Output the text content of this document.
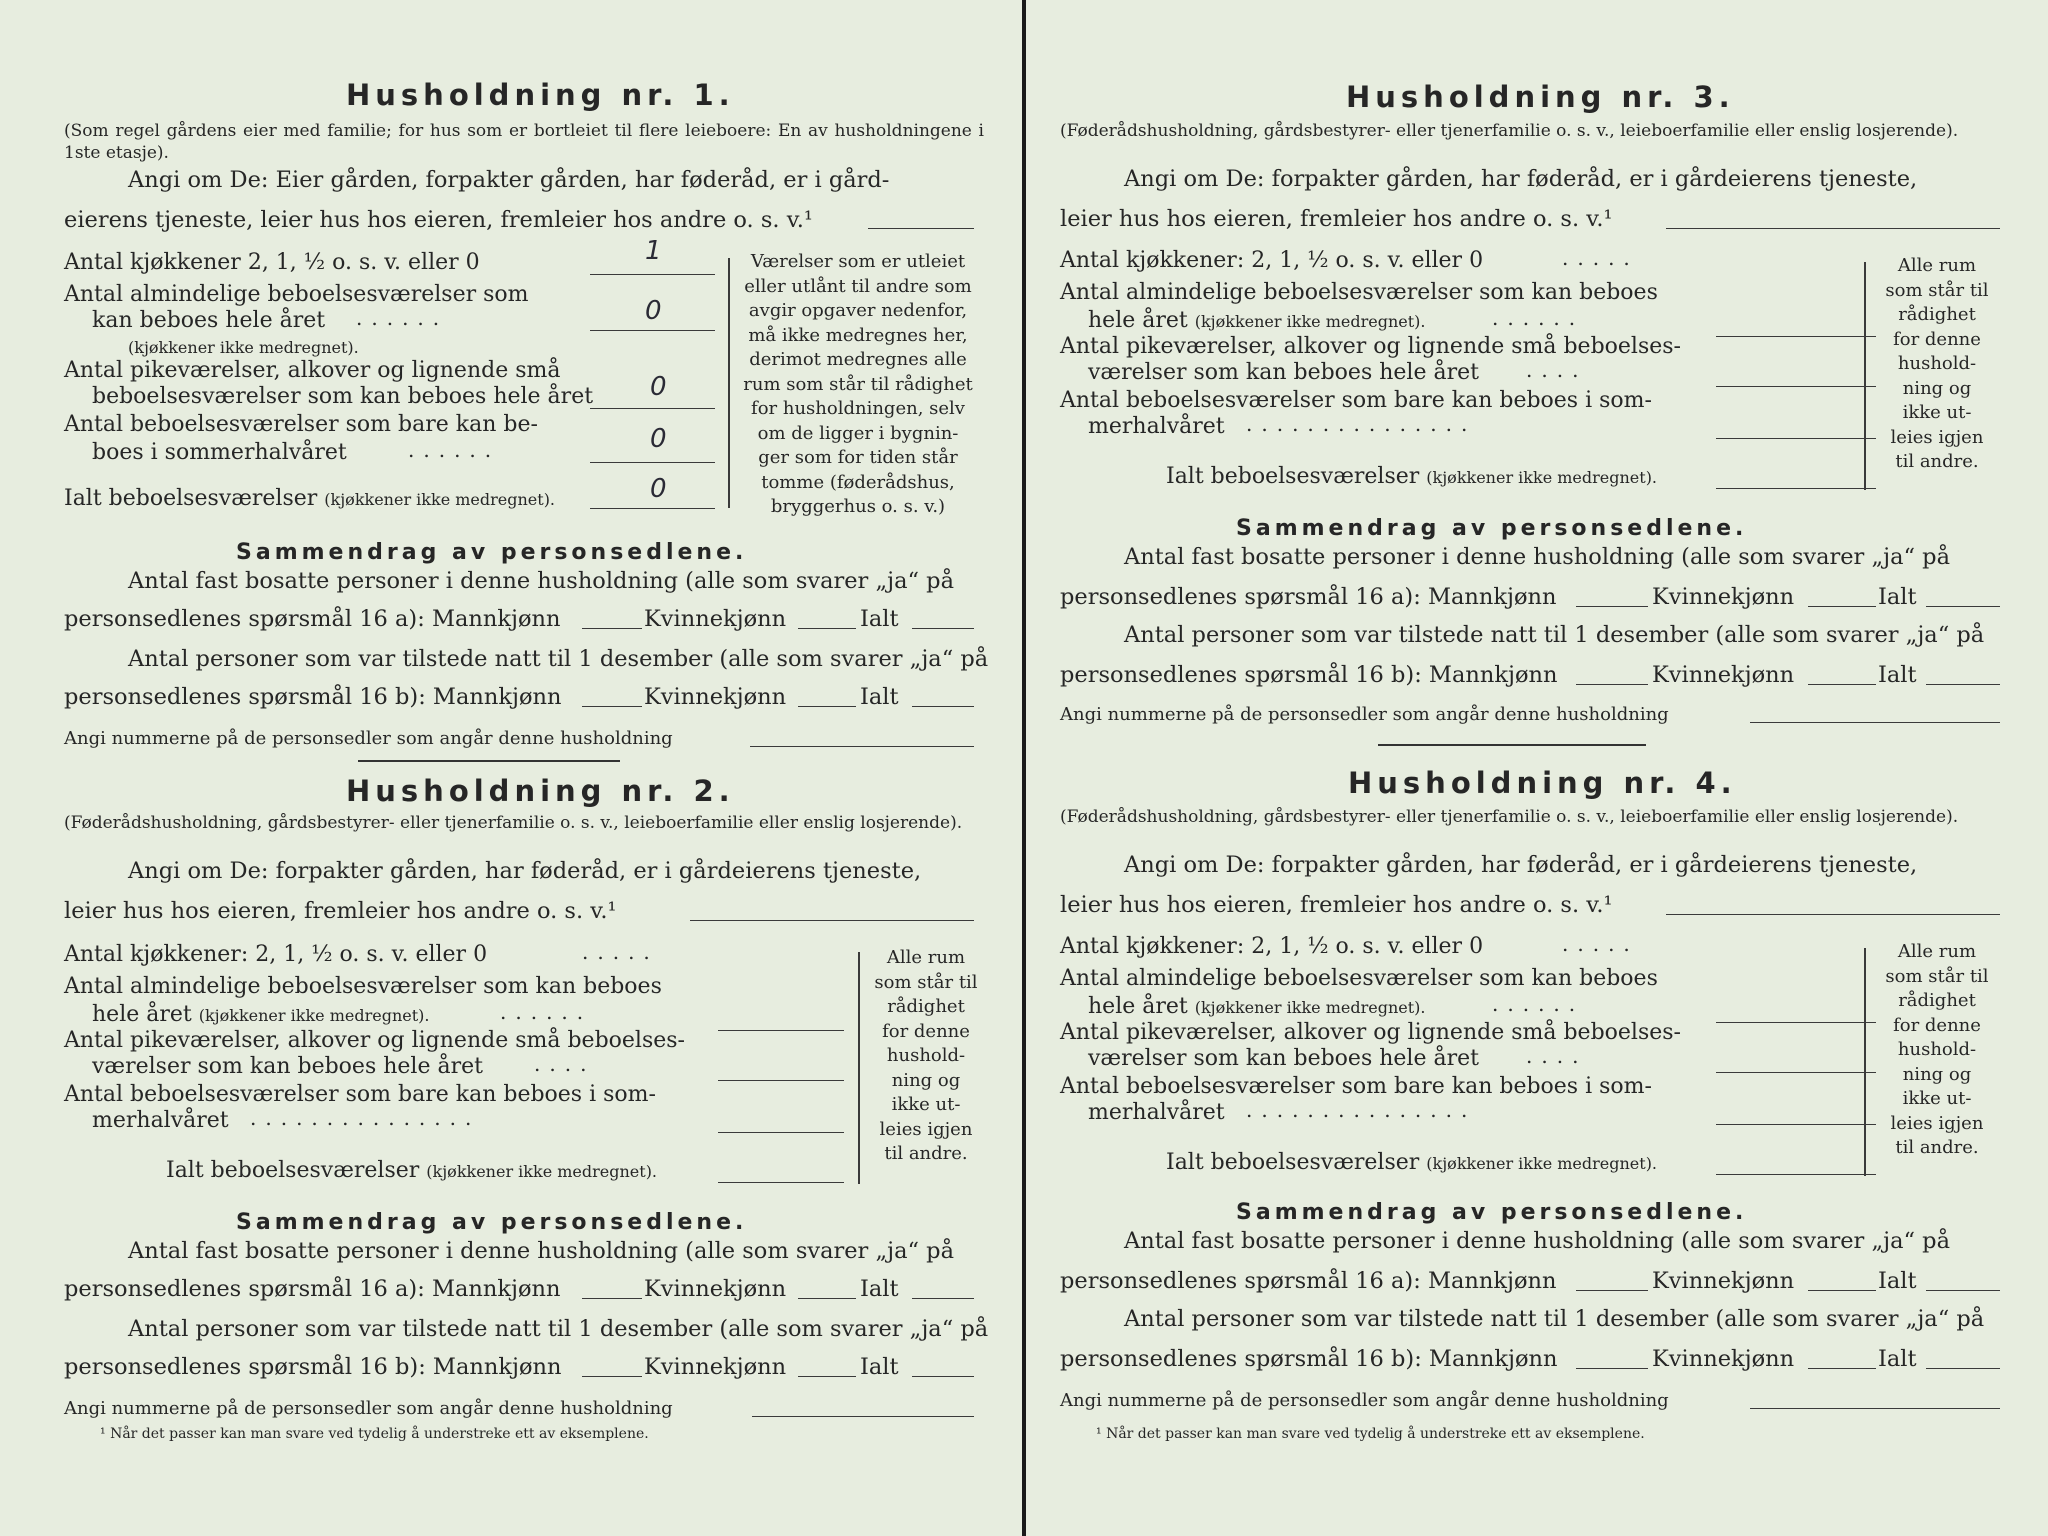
Husholdning nr. 1.
(Som regel gårdens eier med familie; for hus som er bortleiet til flere leieboere: En av husholdningene i 1ste etasje).
Angi om De: Eier gården, forpakter gården, har føderåd, er i gård-
eierens tjeneste, leier hus hos eieren, fremleier hos andre o. s. v.¹
Antal kjøkkener 2, 1, ½ o. s. v. eller 0	1
Antal almindelige beboelsesværelser som
kan beboes hele året ......
(kjøkkener ikke medregnet).
0
Antal pikeværelser, alkover og lignende små
beboelsesværelser som kan beboes hele året 0
Antal beboelsesværelser som bare kan be-
boes i sommerhalvåret	......	0
Ialt beboelsesværelser (kjøkkener ikke medregnet).	0
Værelser som er utleiet
eller utlånt til andre som
avgir opgaver nedenfor,
må ikke medregnes her,
derimot medregnes alle
rum som står til rådighet
for husholdningen, selv
om de ligger i bygnin-
ger som for tiden står
tomme (føderådshus,
bryggerhus o. s. v.)
Sammendrag av personsedlene.
Antal fast bosatte personer i denne husholdning (alle som svarer „ja“ på
personsedlenes spørsmål 16 a): Mannkjønn	Kvinnekjønn	Ialt
Antal personer som var tilstede natt til 1 desember (alle som svarer „ja“ på
personsedlenes spørsmål 16 b): Mannkjønn	Kvinnekjønn	Ialt
Angi nummerne på de personsedler som angår denne husholdning
Husholdning nr. 2.
(Føderådshusholdning, gårdsbestyrer- eller tjenerfamilie o. s. v., leieboerfamilie eller enslig losjerende).
Angi om De: forpakter gården, har føderåd, er i gårdeierens tjeneste,
leier hus hos eieren, fremleier hos andre o. s. v.¹
Antal kjøkkener: 2, 1, ½ o. s. v. eller 0	.....
Antal almindelige beboelsesværelser som kan beboes
hele året (kjøkkener ikke medregnet).	......
Antal pikeværelser, alkover og lignende små beboelses-
værelser som kan beboes hele året	....
Antal beboelsesværelser som bare kan beboes i som-
merhalvåret ...............
Ialt beboelsesværelser (kjøkkener ikke medregnet).
Alle rum
som står til
rådighet
for denne
hushold-
ning og
ikke ut-
leies igjen
til andre.
Sammendrag av personsedlene.
Antal fast bosatte personer i denne husholdning (alle som svarer „ja“ på
personsedlenes spørsmål 16 a): Mannkjønn	Kvinnekjønn	Ialt
Antal personer som var tilstede natt til 1 desember (alle som svarer „ja“ på
personsedlenes spørsmål 16 b): Mannkjønn	Kvinnekjønn	Ialt
Angi nummerne på de personsedler som angår denne husholdning
¹ Når det passer kan man svare ved tydelig å understreke ett av eksemplene.
Husholdning nr. 3.
(Føderådshusholdning, gårdsbestyrer- eller tjenerfamilie o. s. v., leieboerfamilie eller enslig losjerende).
Angi om De: forpakter gården, har føderåd, er i gårdeierens tjeneste,
leier hus hos eieren, fremleier hos andre o. s. v.¹
Antal kjøkkener: 2, 1, ½ o. s. v. eller 0	.....
Antal almindelige beboelsesværelser som kan beboes
hele året (kjøkkener ikke medregnet).	......
Antal pikeværelser, alkover og lignende små beboelses-
værelser som kan beboes hele året ....
Antal beboelsesværelser som bare kan beboes i som-
merhalvåret ...............
Ialt beboelsesværelser (kjøkkener ikke medregnet).
Alle rum
som står til
rådighet
for denne
hushold-
ning og
ikke ut-
leies igjen
til andre.
Sammendrag av personsedlene.
Antal fast bosatte personer i denne husholdning (alle som svarer „ja“ på
personsedlenes spørsmål 16 a): Mannkjønn	Kvinnekjønn	Ialt
Antal personer som var tilstede natt til 1 desember (alle som svarer „ja“ på
personsedlenes spørsmål 16 b): Mannkjønn	Kvinnekjønn	Ialt
Angi nummerne på de personsedler som angår denne husholdning
Husholdning nr. 4.
(Føderådshusholdning, gårdsbestyrer- eller tjenerfamilie o. s. v., leieboerfamilie eller enslig losjerende).
Angi om De: forpakter gården, har føderåd, er i gårdeierens tjeneste,
leier hus hos eieren, fremleier hos andre o. s. v.¹
Antal kjøkkener: 2, 1, ½ o. s. v. eller 0	.....
Antal almindelige beboelsesværelser som kan beboes
hele året (kjøkkener ikke medregnet).	......
Antal pikeværelser, alkover og lignende små beboelses-
værelser som kan beboes hele året ....
Antal beboelsesværelser som bare kan beboes i som-
merhalvåret ...............
Ialt beboelsesværelser (kjøkkener ikke medregnet).
Alle rum
som står til
rådighet
for denne
hushold-
ning og
ikke ut-
leies igjen
til andre.
Sammendrag av personsedlene.
Antal fast bosatte personer i denne husholdning (alle som svarer „ja“ på
personsedlenes spørsmål 16 a): Mannkjønn	Kvinnekjønn	Ialt
Antal personer som var tilstede natt til 1 desember (alle som svarer „ja“ på
personsedlenes spørsmål 16 b): Mannkjønn	Kvinnekjønn	Ialt
Angi nummerne på de personsedler som angår denne husholdning
¹ Når det passer kan man svare ved tydelig å understreke ett av eksemplene.
